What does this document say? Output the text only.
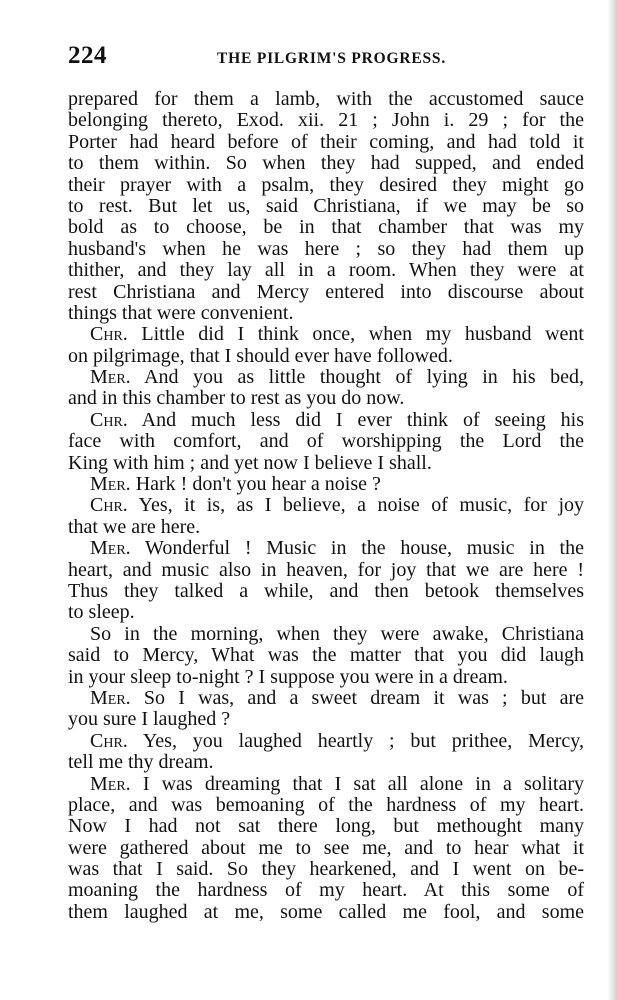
224	THE PILGRIM'S PROGRESS.
prepared for them a lamb, with the accustomed sauce
belonging thereto, Exod. xii. 21 ; John i. 29 ; for the
Porter had heard before of their coming, and had told it
to them within. So when they had supped, and ended
their prayer with a psalm, they desired they might go
to rest. But let us, said Christiana, if we may be so
bold as to choose, be in that chamber that was my
husband's when he was here ; so they had them up
thither, and they lay all in a room. When they were at
rest Christiana and Mercy entered into discourse about
things that were convenient.
Chr. Little did I think once, when my husband went
on pilgrimage, that I should ever have followed.
Mer. And you as little thought of lying in his bed,
and in this chamber to rest as you do now.
Chr. And much less did I ever think of seeing his
face with comfort, and of worshipping the Lord the
King with him ; and yet now I believe I shall.
Mer. Hark ! don't you hear a noise ?
Chr. Yes, it is, as I believe, a noise of music, for joy
that we are here.
Mer. Wonderful ! Music in the house, music in the
heart, and music also in heaven, for joy that we are here !
Thus they talked a while, and then betook themselves
to sleep.
So in the morning, when they were awake, Christiana
said to Mercy, What was the matter that you did laugh
in your sleep to-night ? I suppose you were in a dream.
Mer. So I was, and a sweet dream it was ; but are
you sure I laughed ?
Chr. Yes, you laughed heartly ; but prithee, Mercy,
tell me thy dream.
Mer. I was dreaming that I sat all alone in a solitary
place, and was bemoaning of the hardness of my heart.
Now I had not sat there long, but methought many
were gathered about me to see me, and to hear what it
was that I said. So they hearkened, and I went on be-
moaning the hardness of my heart. At this some of
them laughed at me, some called me fool, and some
